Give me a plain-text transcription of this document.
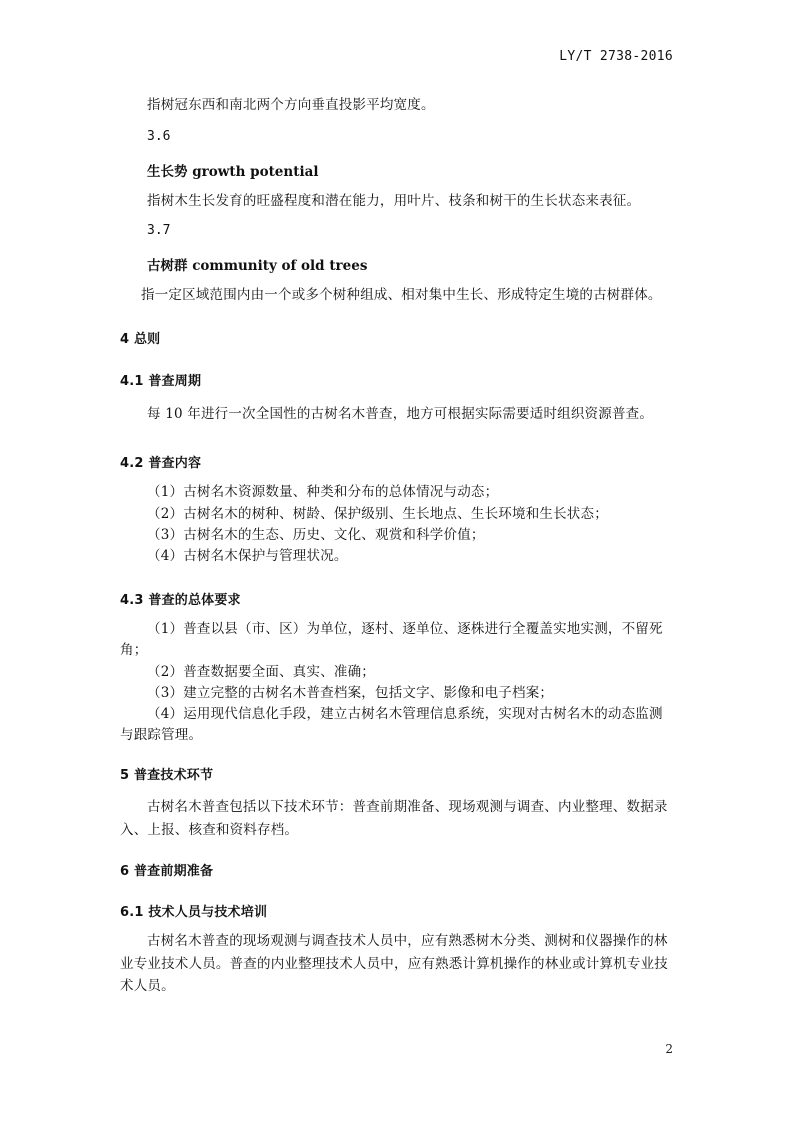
LY/T 2738-2016
指树冠东西和南北两个方向垂直投影平均宽度。
3.6
生长势 growth potential
指树木生长发育的旺盛程度和潜在能力，用叶片、枝条和树干的生长状态来表征。
3.7
古树群 community of old trees
指一定区域范围内由一个或多个树种组成、相对集中生长、形成特定生境的古树群体。
4 总则
4.1 普查周期
每 10 年进行一次全国性的古树名木普查，地方可根据实际需要适时组织资源普查。
4.2 普查内容
（1）古树名木资源数量、种类和分布的总体情况与动态；
（2）古树名木的树种、树龄、保护级别、生长地点、生长环境和生长状态；
（3）古树名木的生态、历史、文化、观赏和科学价值；
（4）古树名木保护与管理状况。
4.3 普查的总体要求
（1）普查以县（市、区）为单位，逐村、逐单位、逐株进行全覆盖实地实测，不留死
角；
（2）普查数据要全面、真实、准确；
（3）建立完整的古树名木普查档案，包括文字、影像和电子档案；
（4）运用现代信息化手段，建立古树名木管理信息系统，实现对古树名木的动态监测
与跟踪管理。
5 普查技术环节
古树名木普查包括以下技术环节：普查前期准备、现场观测与调查、内业整理、数据录
入、上报、核查和资料存档。
6 普查前期准备
6.1 技术人员与技术培训
古树名木普查的现场观测与调查技术人员中，应有熟悉树木分类、测树和仪器操作的林
业专业技术人员。普查的内业整理技术人员中，应有熟悉计算机操作的林业或计算机专业技
术人员。
2
